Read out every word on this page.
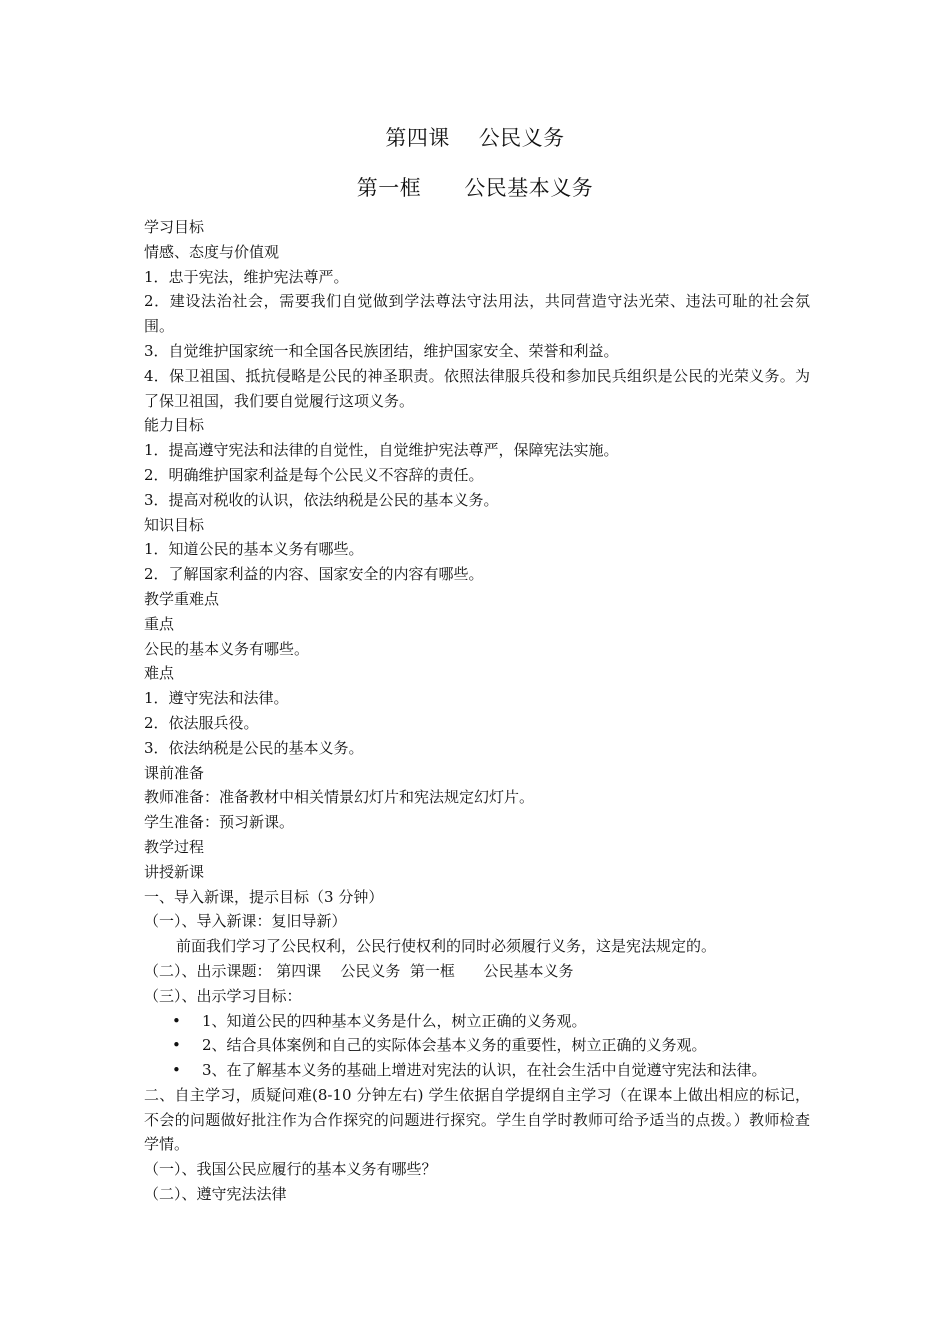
第四课    公民义务
第一框      公民基本义务
学习目标
情感、态度与价值观
1．忠于宪法，维护宪法尊严。
2．建设法治社会，需要我们自觉做到学法尊法守法用法，共同营造守法光荣、违法可耻的社会氛围。
3．自觉维护国家统一和全国各民族团结，维护国家安全、荣誉和利益。
4．保卫祖国、抵抗侵略是公民的神圣职责。依照法律服兵役和参加民兵组织是公民的光荣义务。为了保卫祖国，我们要自觉履行这项义务。
能力目标
1．提高遵守宪法和法律的自觉性，自觉维护宪法尊严，保障宪法实施。
2．明确维护国家利益是每个公民义不容辞的责任。
3．提高对税收的认识，依法纳税是公民的基本义务。
知识目标
1．知道公民的基本义务有哪些。
2．了解国家利益的内容、国家安全的内容有哪些。
教学重难点
重点
公民的基本义务有哪些。
难点
1．遵守宪法和法律。
2．依法服兵役。
3．依法纳税是公民的基本义务。
课前准备
教师准备：准备教材中相关情景幻灯片和宪法规定幻灯片。
学生准备：预习新课。
教学过程
讲授新课
一、导入新课，提示目标（3 分钟）
（一）、导入新课：复旧导新）
前面我们学习了公民权利，公民行使权利的同时必须履行义务，这是宪法规定的。
（二）、出示课题： 第四课    公民义务  第一框      公民基本义务
（三）、出示学习目标：
•	1、知道公民的四种基本义务是什么，树立正确的义务观。
•	2、结合具体案例和自己的实际体会基本义务的重要性，树立正确的义务观。
•	3、在了解基本义务的基础上增进对宪法的认识，在社会生活中自觉遵守宪法和法律。
二、自主学习，质疑问难(8-10 分钟左右) 学生依据自学提纲自主学习（在课本上做出相应的标记，不会的问题做好批注作为合作探究的问题进行探究。学生自学时教师可给予适当的点拨。）教师检查学情。
（一）、我国公民应履行的基本义务有哪些？
（二）、遵守宪法法律
